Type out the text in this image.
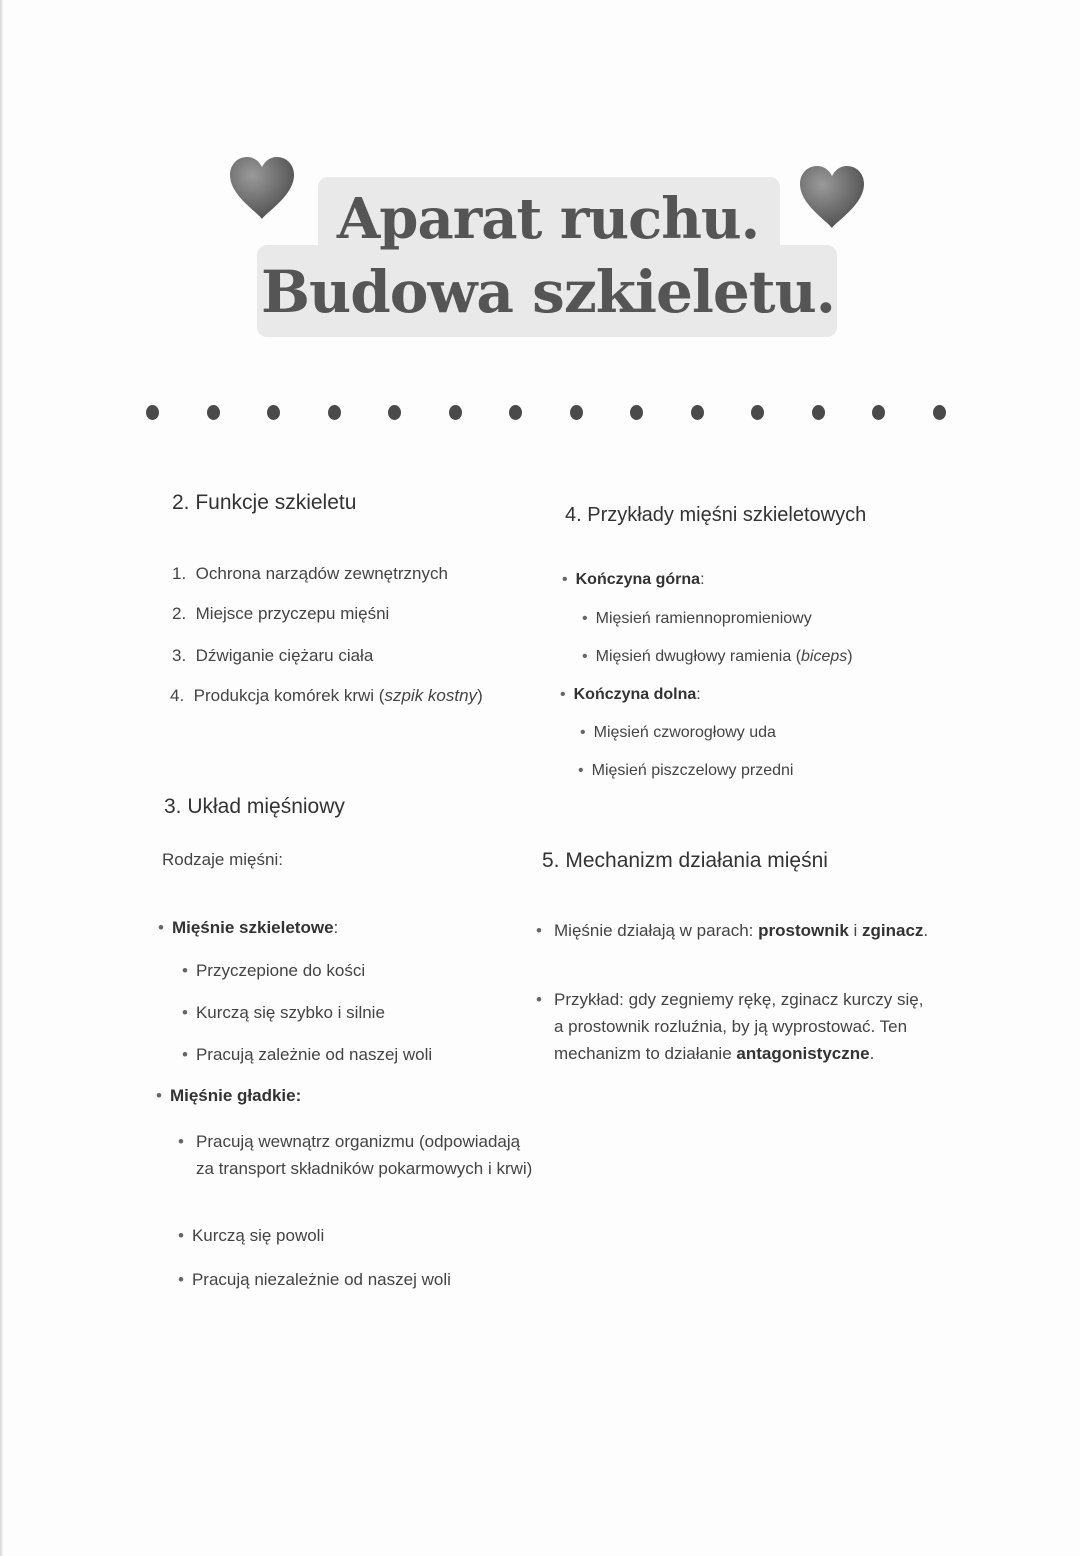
Aparat ruchu.
Budowa szkieletu.
2. Funkcje szkieletu
1. Ochrona narządów zewnętrznych
2. Miejsce przyczepu mięśni
3. Dźwiganie ciężaru ciała
4. Produkcja komórek krwi (szpik kostny)
3. Układ mięśniowy
Rodzaje mięśni:
• Mięśnie szkieletowe:
• Przyczepione do kości
• Kurczą się szybko i silnie
• Pracują zależnie od naszej woli
• Mięśnie gładkie:
• Pracują wewnątrz organizmu (odpowiadają za transport składników pokarmowych i krwi)
• Kurczą się powoli
• Pracują niezależnie od naszej woli
4. Przykłady mięśni szkieletowych
• Kończyna górna:
• Mięsień ramiennopromieniowy
• Mięsień dwugłowy ramienia (biceps)
• Kończyna dolna:
• Mięsień czworogłowy uda
• Mięsień piszczelowy przedni
5. Mechanizm działania mięśni
• Mięśnie działają w parach: prostownik i zginacz.
• Przykład: gdy zegniemy rękę, zginacz kurczy się, a prostownik rozluźnia, by ją wyprostować. Ten mechanizm to działanie antagonistyczne.
